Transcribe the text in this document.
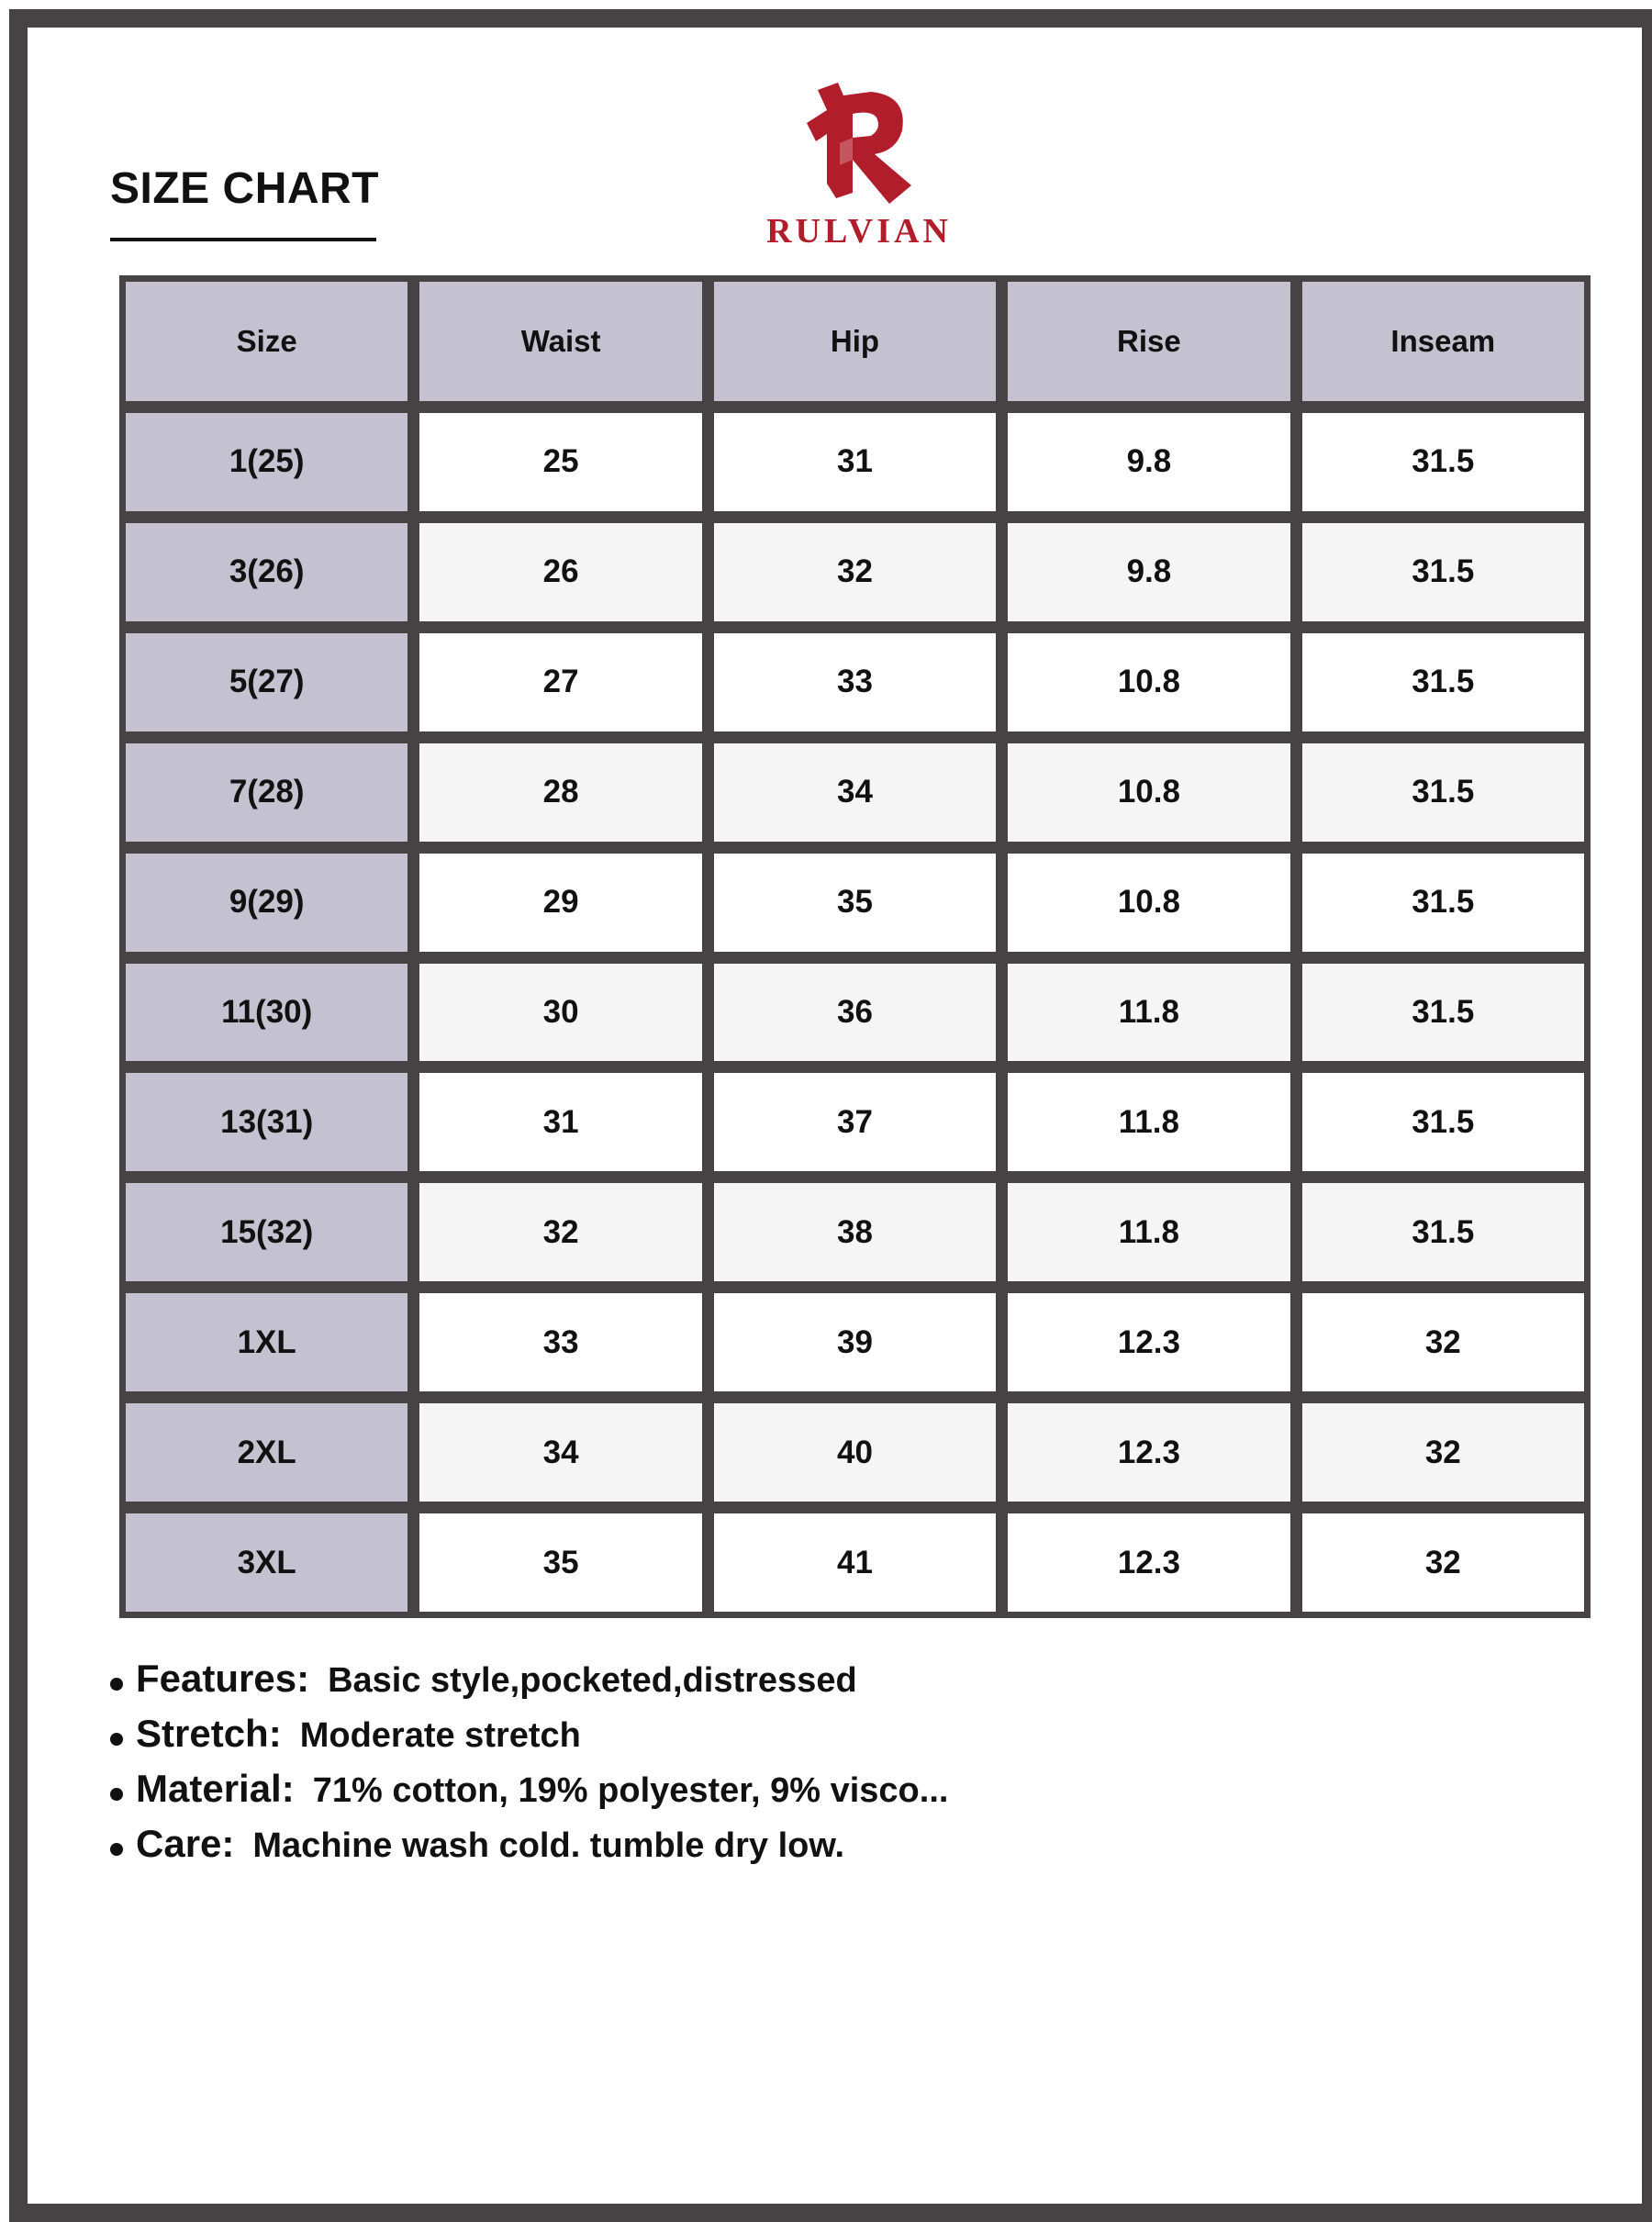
SIZE CHART
RULVIAN
Size	Waist	Hip	Rise	Inseam
1(25)	25	31	9.8	31.5
3(26)	26	32	9.8	31.5
5(27)	27	33	10.8	31.5
7(28)	28	34	10.8	31.5
9(29)	29	35	10.8	31.5
11(30)	30	36	11.8	31.5
13(31)	31	37	11.8	31.5
15(32)	32	38	11.8	31.5
1XL	33	39	12.3	32
2XL	34	40	12.3	32
3XL	35	41	12.3	32
Features: Basic style,pocketed,distressed
Stretch: Moderate stretch
Material: 71% cotton, 19% polyester, 9% visco...
Care: Machine wash cold. tumble dry low.
